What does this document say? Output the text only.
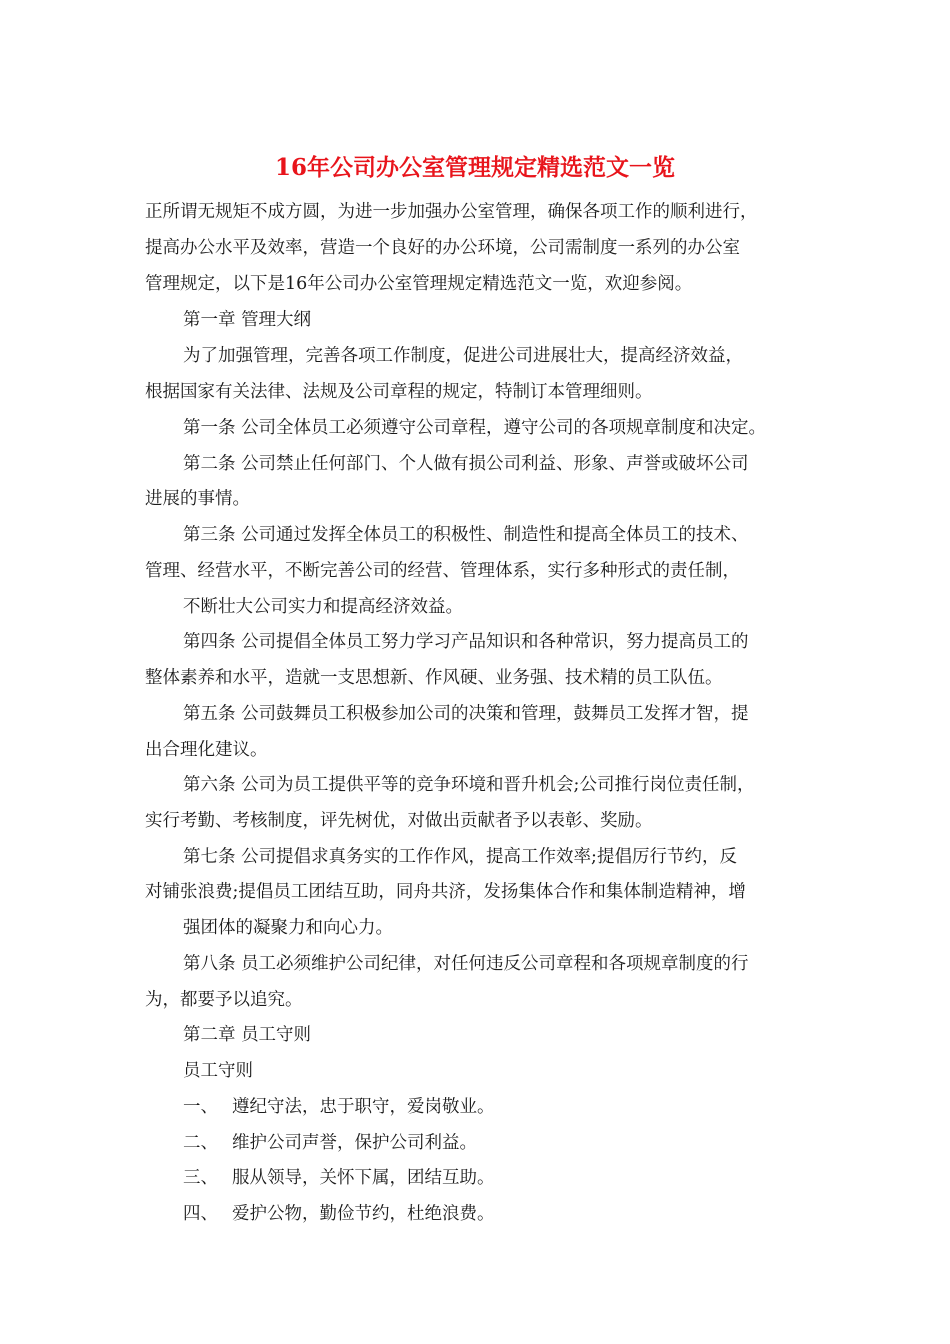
16年公司办公室管理规定精选范文一览
正所谓无规矩不成方圆，为进一步加强办公室管理，确保各项工作的顺利进行，
提高办公水平及效率，营造一个良好的办公环境，公司需制度一系列的办公室
管理规定，以下是16年公司办公室管理规定精选范文一览，欢迎参阅。
第一章 管理大纲
为了加强管理，完善各项工作制度，促进公司进展壮大，提高经济效益，
根据国家有关法律、法规及公司章程的规定，特制订本管理细则。
第一条 公司全体员工必须遵守公司章程，遵守公司的各项规章制度和决定。
第二条 公司禁止任何部门、个人做有损公司利益、形象、声誉或破坏公司
进展的事情。
第三条 公司通过发挥全体员工的积极性、制造性和提高全体员工的技术、
管理、经营水平，不断完善公司的经营、管理体系，实行多种形式的责任制，
不断壮大公司实力和提高经济效益。
第四条 公司提倡全体员工努力学习产品知识和各种常识，努力提高员工的
整体素养和水平，造就一支思想新、作风硬、业务强、技术精的员工队伍。
第五条 公司鼓舞员工积极参加公司的决策和管理，鼓舞员工发挥才智，提
出合理化建议。
第六条 公司为员工提供平等的竞争环境和晋升机会;公司推行岗位责任制，
实行考勤、考核制度，评先树优，对做出贡献者予以表彰、奖励。
第七条 公司提倡求真务实的工作作风，提高工作效率;提倡厉行节约，反
对铺张浪费;提倡员工团结互助，同舟共济，发扬集体合作和集体制造精神，增
强团体的凝聚力和向心力。
第八条 员工必须维护公司纪律，对任何违反公司章程和各项规章制度的行
为，都要予以追究。
第二章 员工守则
员工守则
一、 遵纪守法，忠于职守，爱岗敬业。
二、 维护公司声誉，保护公司利益。
三、 服从领导，关怀下属，团结互助。
四、 爱护公物，勤俭节约，杜绝浪费。
